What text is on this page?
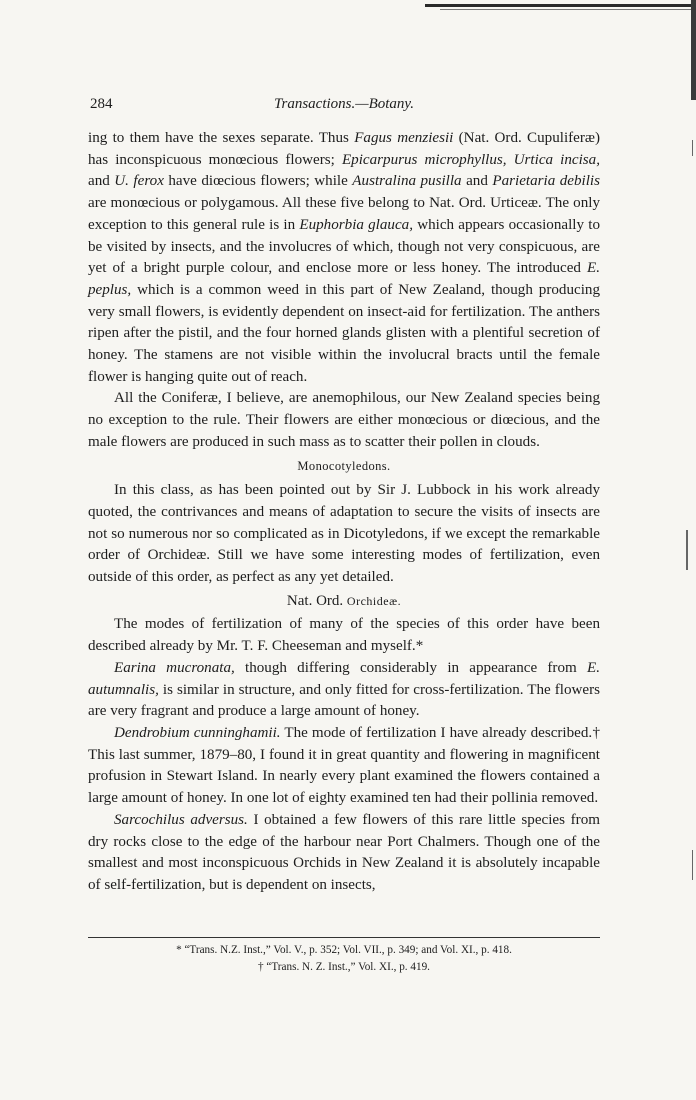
284	Transactions.—Botany.

ing to them have the sexes separate. Thus Fagus menziesii (Nat. Ord. Cupuliferæ) has inconspicuous monœcious flowers; Epicarpurus microphyllus, Urtica incisa, and U. ferox have diœcious flowers; while Australina pusilla and Parietaria debilis are monœcious or polygamous. All these five belong to Nat. Ord. Urticeæ. The only exception to this general rule is in Euphorbia glauca, which appears occasionally to be visited by insects, and the involucres of which, though not very conspicuous, are yet of a bright purple colour, and enclose more or less honey. The introduced E. peplus, which is a common weed in this part of New Zealand, though producing very small flowers, is evidently dependent on insect-aid for fertilization. The anthers ripen after the pistil, and the four horned glands glisten with a plentiful secretion of honey. The stamens are not visible within the involucral bracts until the female flower is hanging quite out of reach.

All the Coniferæ, I believe, are anemophilous, our New Zealand species being no exception to the rule. Their flowers are either monœcious or diœcious, and the male flowers are produced in such mass as to scatter their pollen in clouds.

Monocotyledons.

In this class, as has been pointed out by Sir J. Lubbock in his work already quoted, the contrivances and means of adaptation to secure the visits of insects are not so numerous nor so complicated as in Dicotyledons, if we except the remarkable order of Orchideæ. Still we have some interesting modes of fertilization, even outside of this order, as perfect as any yet detailed.

Nat. Ord. Orchideæ.

The modes of fertilization of many of the species of this order have been described already by Mr. T. F. Cheeseman and myself.*

Earina mucronata, though differing considerably in appearance from E. autumnalis, is similar in structure, and only fitted for cross-fertilization. The flowers are very fragrant and produce a large amount of honey.

Dendrobium cunninghamii. The mode of fertilization I have already described.† This last summer, 1879–80, I found it in great quantity and flowering in magnificent profusion in Stewart Island. In nearly every plant examined the flowers contained a large amount of honey. In one lot of eighty examined ten had their pollinia removed.

Sarcochilus adversus. I obtained a few flowers of this rare little species from dry rocks close to the edge of the harbour near Port Chalmers. Though one of the smallest and most inconspicuous Orchids in New Zealand it is absolutely incapable of self-fertilization, but is dependent on insects,

* “Trans. N.Z. Inst.,” Vol. V., p. 352; Vol. VII., p. 349; and Vol. XI., p. 418.
† “Trans. N. Z. Inst.,” Vol. XI., p. 419.
